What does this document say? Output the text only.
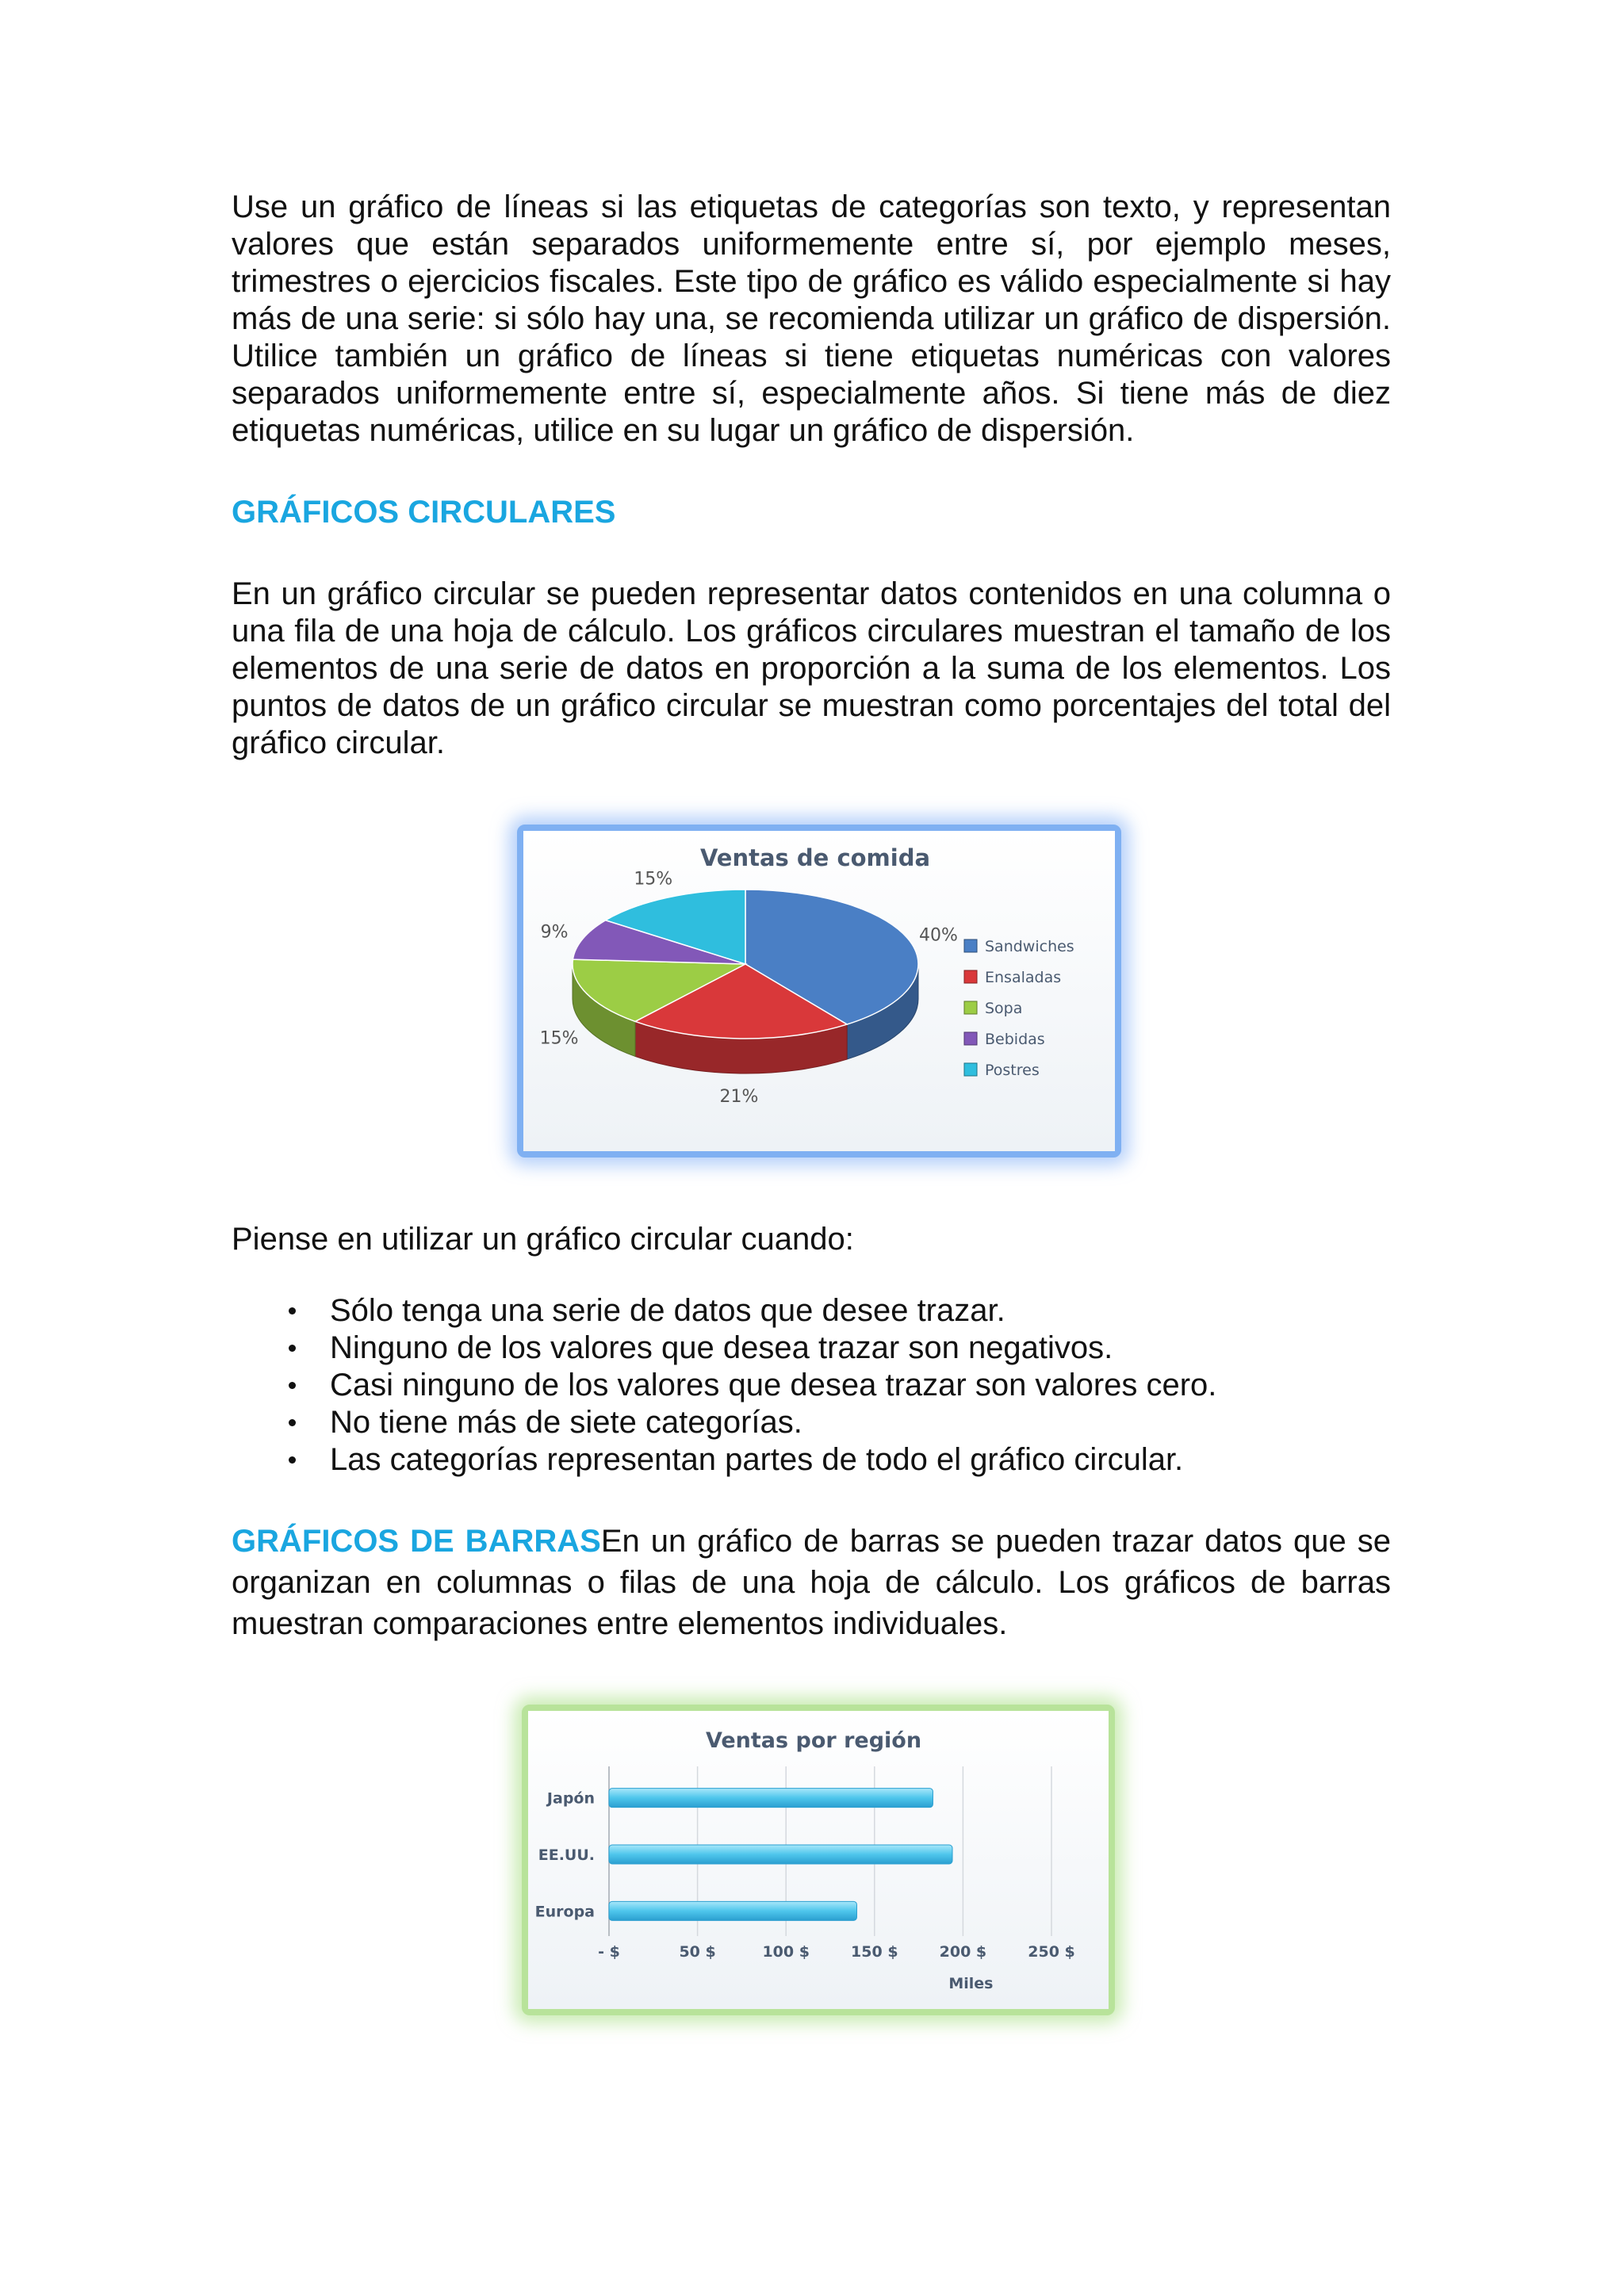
Use un gráfico de líneas si las etiquetas de categorías son texto, y representan valores que están separados uniformemente entre sí, por ejemplo meses, trimestres o ejercicios fiscales. Este tipo de gráfico es válido especialmente si hay más de una serie: si sólo hay una, se recomienda utilizar un gráfico de dispersión. Utilice también un gráfico de líneas si tiene etiquetas numéricas con valores separados uniformemente entre sí, especialmente años. Si tiene más de diez etiquetas numéricas, utilice en su lugar un gráfico de dispersión.

GRÁFICOS CIRCULARES

En un gráfico circular se pueden representar datos contenidos en una columna o una fila de una hoja de cálculo. Los gráficos circulares muestran el tamaño de los elementos de una serie de datos en proporción a la suma de los elementos. Los puntos de datos de un gráfico circular se muestran como porcentajes del total del gráfico circular.

Ventas de comida
40%
21%
15%
9%
15%
Sandwiches
Ensaladas
Sopa
Bebidas
Postres

Piense en utilizar un gráfico circular cuando:

Sólo tenga una serie de datos que desee trazar.
Ninguno de los valores que desea trazar son negativos.
Casi ninguno de los valores que desea trazar son valores cero.
No tiene más de siete categorías.
Las categorías representan partes de todo el gráfico circular.

GRÁFICOS DE BARRASEn un gráfico de barras se pueden trazar datos que se organizan en columnas o filas de una hoja de cálculo. Los gráficos de barras muestran comparaciones entre elementos individuales.

Ventas por región
- $	50 $	100 $	150 $	200 $	250 $
Japón
EE.UU.
Europa
Miles
